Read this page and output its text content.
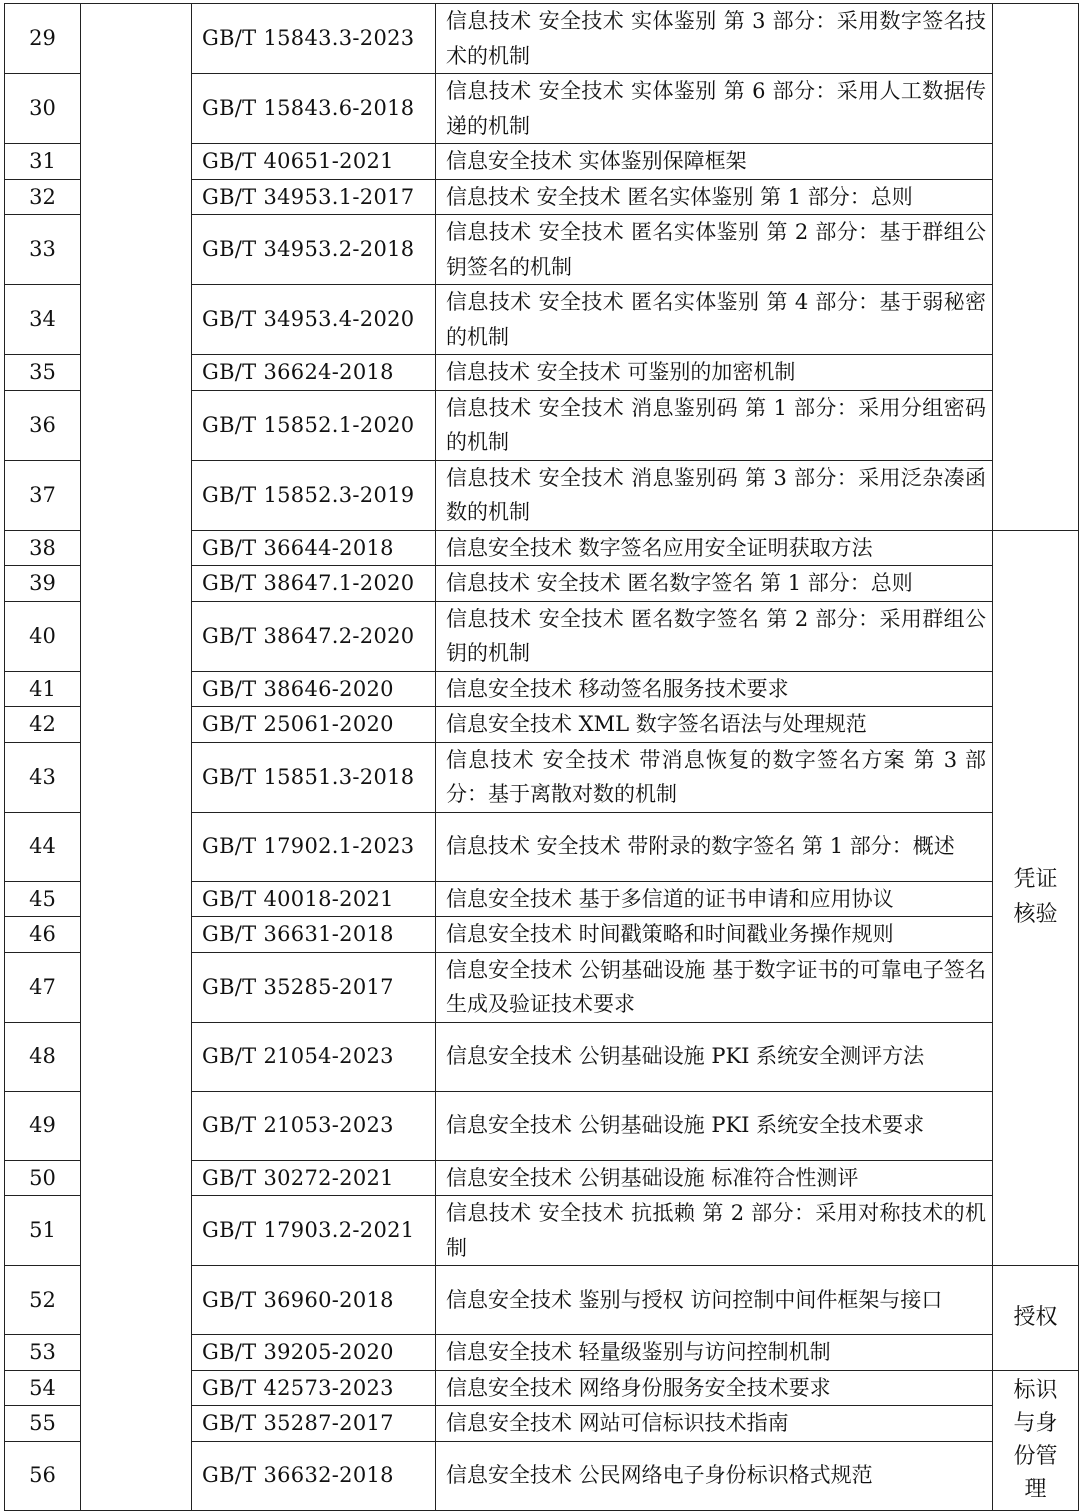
29		GB/T 15843.3-2023	信息技术 安全技术 实体鉴别 第 3 部分：采用数字签名技术的机制	

30		GB/T 15843.6-2018	信息技术 安全技术 实体鉴别 第 6 部分：采用人工数据传递的机制	
31		GB/T 40651-2021	信息安全技术 实体鉴别保障框架	
32		GB/T 34953.1-2017	信息技术 安全技术 匿名实体鉴别 第 1 部分：总则	
33		GB/T 34953.2-2018	信息技术 安全技术 匿名实体鉴别 第 2 部分：基于群组公钥签名的机制	
34		GB/T 34953.4-2020	信息技术 安全技术 匿名实体鉴别 第 4 部分：基于弱秘密的机制	
35		GB/T 36624-2018	信息技术 安全技术 可鉴别的加密机制	
36		GB/T 15852.1-2020	信息技术 安全技术 消息鉴别码 第 1 部分：采用分组密码的机制	
37		GB/T 15852.3-2019	信息技术 安全技术 消息鉴别码 第 3 部分：采用泛杂凑函数的机制	
38		GB/T 36644-2018	信息安全技术 数字签名应用安全证明获取方法	凭证核验

39		GB/T 38647.1-2020	信息技术 安全技术 匿名数字签名 第 1 部分：总则	
40		GB/T 38647.2-2020	信息技术 安全技术 匿名数字签名 第 2 部分：采用群组公钥的机制	
41		GB/T 38646-2020	信息安全技术 移动签名服务技术要求	
42		GB/T 25061-2020	信息安全技术 XML 数字签名语法与处理规范	
43		GB/T 15851.3-2018	信息技术 安全技术 带消息恢复的数字签名方案 第 3 部分：基于离散对数的机制	
44		GB/T 17902.1-2023	信息技术 安全技术 带附录的数字签名 第 1 部分：概述	
45		GB/T 40018-2021	信息安全技术 基于多信道的证书申请和应用协议	
46		GB/T 36631-2018	信息安全技术 时间戳策略和时间戳业务操作规则	
47		GB/T 35285-2017	信息安全技术 公钥基础设施 基于数字证书的可靠电子签名生成及验证技术要求	
48		GB/T 21054-2023	信息安全技术 公钥基础设施 PKI 系统安全测评方法	
49		GB/T 21053-2023	信息安全技术 公钥基础设施 PKI 系统安全技术要求	
50		GB/T 30272-2021	信息安全技术 公钥基础设施 标准符合性测评	
51		GB/T 17903.2-2021	信息技术 安全技术 抗抵赖 第 2 部分：采用对称技术的机制	
52		GB/T 36960-2018	信息安全技术 鉴别与授权 访问控制中间件框架与接口	授权

53		GB/T 39205-2020	信息安全技术 轻量级鉴别与访问控制机制	
54		GB/T 42573-2023	信息安全技术 网络身份服务安全技术要求	标识与身份管理

55		GB/T 35287-2017	信息安全技术 网站可信标识技术指南	
56		GB/T 36632-2018	信息安全技术 公民网络电子身份标识格式规范	
